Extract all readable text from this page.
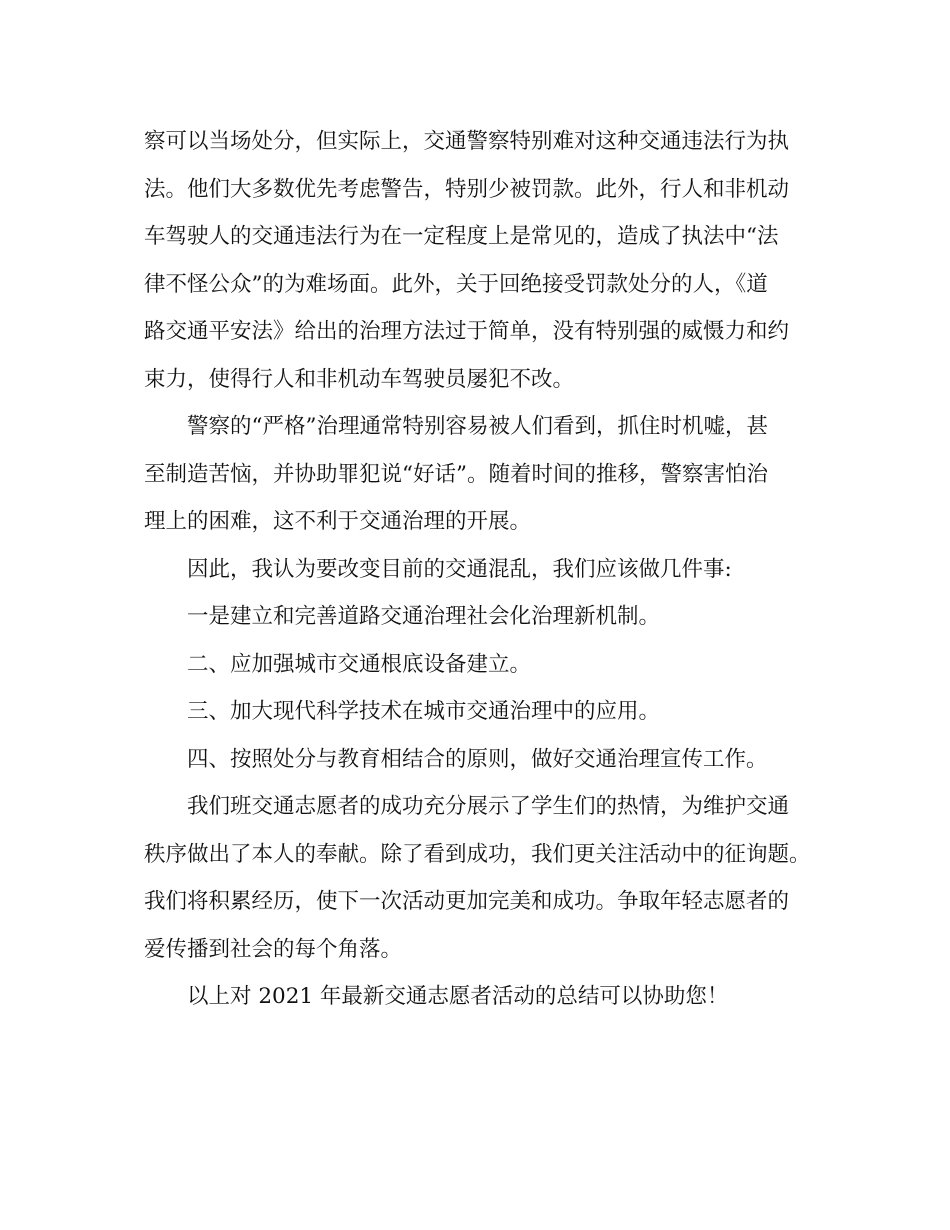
察可以当场处分，但实际上，交通警察特别难对这种交通违法行为执
法。他们大多数优先考虑警告，特别少被罚款。此外，行人和非机动
车驾驶人的交通违法行为在一定程度上是常见的，造成了执法中“法
律不怪公众”的为难场面。此外，关于回绝接受罚款处分的人，《道
路交通平安法》给出的治理方法过于简单，没有特别强的威慑力和约
束力，使得行人和非机动车驾驶员屡犯不改。
警察的“严格”治理通常特别容易被人们看到，抓住时机嘘，甚
至制造苦恼，并协助罪犯说“好话”。随着时间的推移，警察害怕治
理上的困难，这不利于交通治理的开展。
因此，我认为要改变目前的交通混乱，我们应该做几件事:
一是建立和完善道路交通治理社会化治理新机制。
二、应加强城市交通根底设备建立。
三、加大现代科学技术在城市交通治理中的应用。
四、按照处分与教育相结合的原则，做好交通治理宣传工作。
我们班交通志愿者的成功充分展示了学生们的热情，为维护交通
秩序做出了本人的奉献。除了看到成功，我们更关注活动中的征询题。
我们将积累经历，使下一次活动更加完美和成功。争取年轻志愿者的
爱传播到社会的每个角落。
以上对 2021 年最新交通志愿者活动的总结可以协助您！
